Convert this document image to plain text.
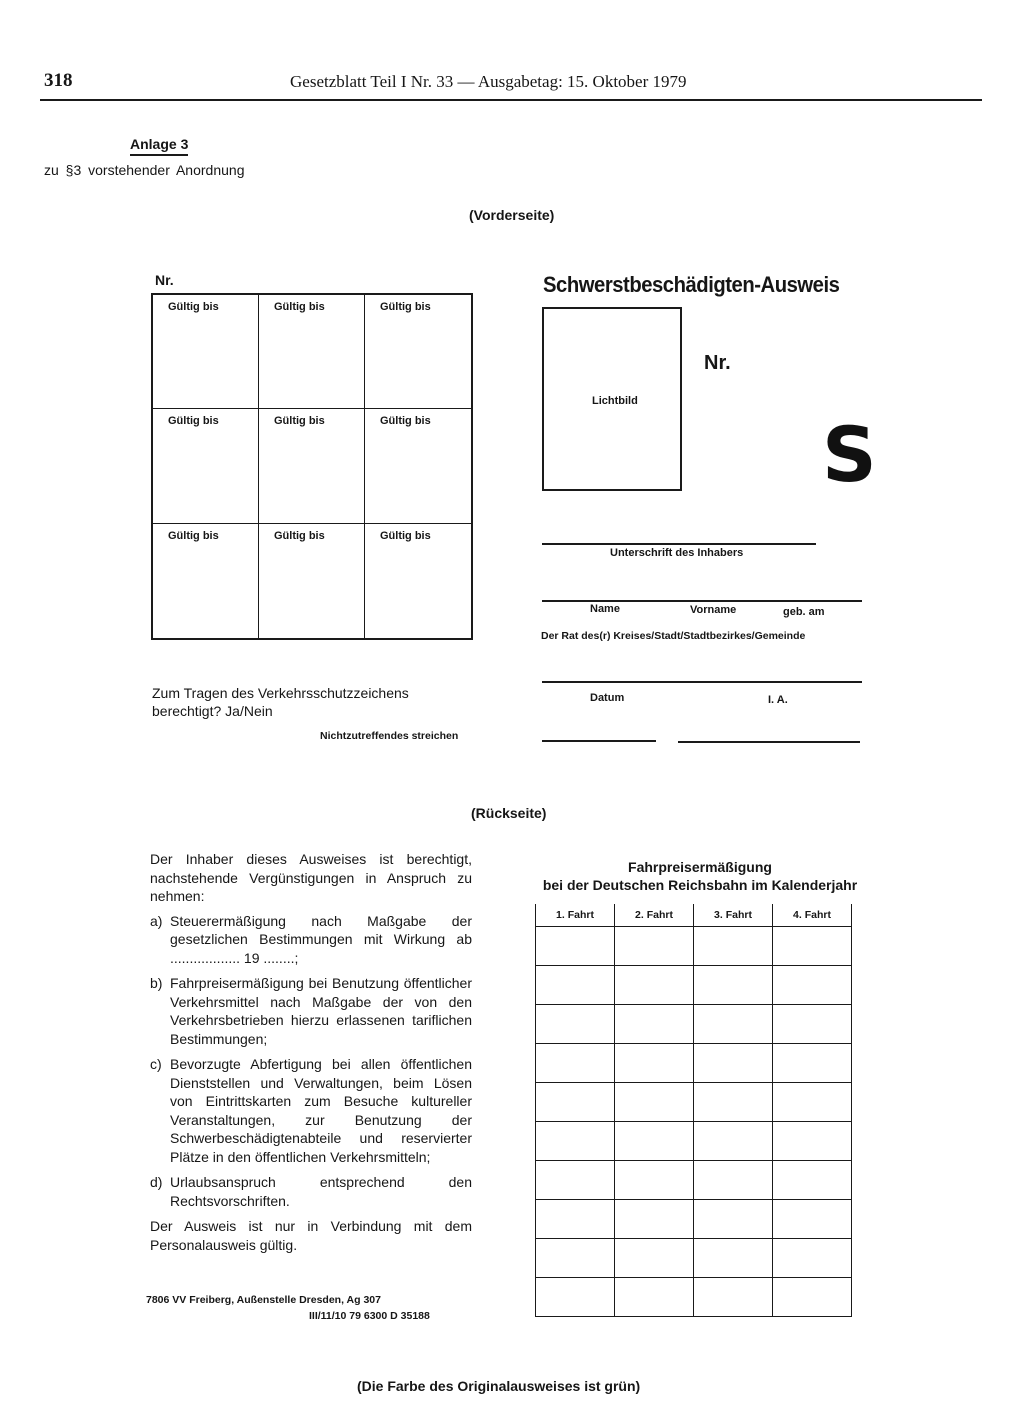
318	Gesetzblatt Teil I Nr. 33 — Ausgabetag: 15. Oktober 1979
Anlage 3
zu §3 vorstehender Anordnung
(Vorderseite)
Nr.
Gültig bis	Gültig bis	Gültig bis
Gültig bis	Gültig bis	Gültig bis
Gültig bis	Gültig bis	Gültig bis
Schwerstbeschädigten-Ausweis
Lichtbild
Nr.
S
Unterschrift des Inhabers
Name	Vorname	geb. am
Der Rat des(r) Kreises/Stadt/Stadtbezirkes/Gemeinde
Datum	I. A.
Zum Tragen des Verkehrsschutzzeichens
berechtigt? Ja/Nein
Nichtzutreffendes streichen
(Rückseite)

Der Inhaber dieses Ausweises ist berechtigt, nachstehende Vergünstigungen in Anspruch zu nehmen:

a) Steuerermäßigung nach Maßgabe der gesetzlichen Bestimmungen mit Wirkung ab .................. 19 ........;
b) Fahrpreisermäßigung bei Benutzung öffentlicher Verkehrsmittel nach Maßgabe der von den Verkehrsbetrieben hierzu erlassenen tariflichen Bestimmungen;
c) Bevorzugte Abfertigung bei allen öffentlichen Dienststellen und Verwaltungen, beim Lösen von Eintrittskarten zum Besuche kultureller Veranstaltungen, zur Benutzung der Schwerbeschädigtenabteile und reservierter Plätze in den öffentlichen Verkehrsmitteln;
d) Urlaubsanspruch entsprechend den Rechtsvorschriften.

Der Ausweis ist nur in Verbindung mit dem Personalausweis gültig.

7806 VV Freiberg, Außenstelle Dresden, Ag 307
III/11/10 79 6300 D 35188
Fahrpreisermäßigung
bei der Deutschen Reichsbahn im Kalenderjahr
1. Fahrt	2. Fahrt	3. Fahrt	4. Fahrt

(Die Farbe des Originalausweises ist grün)
